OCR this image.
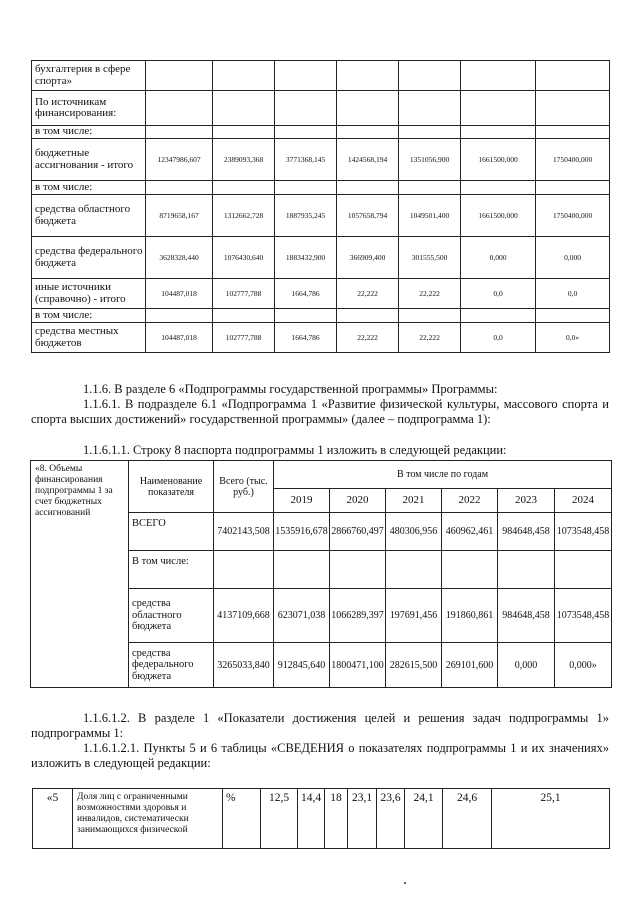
бухгалтерия в сфере спорта»							
По источникам финансирования:							
в том числе:							
бюджетные ассигнования - итого	12347986,607	2389093,368	3771368,145	1424568,194	1351056,900	1661500,000	1750400,000
в том числе:							
средства областного бюджета	8719658,167	1312662,728	1887935,245	1057658,794	1049501,400	1661500,000	1750400,000
средства федерального бюджета	3628328,440	1076430,640	1883432,900	366909,400	301555,500	0,000	0,000
иные источники (справочно) - итого	104487,018	102777,788	1664,786	22,222	22,222	0,0	0,0
в том числе:							
средства местных бюджетов	104487,018	102777,788	1664,786	22,222	22,222	0,0	0,0»
1.1.6. В разделе 6 «Подпрограммы государственной программы» Программы:
1.1.6.1. В подразделе 6.1 «Подпрограмма 1 «Развитие физической культуры, массового спорта и спорта высших достижений» государственной программы» (далее – подпрограмма 1):
1.1.6.1.1. Строку 8 паспорта подпрограммы 1 изложить в следующей редакции:
«8. Объемы финансирования подпрограммы 1 за счет бюджетных ассигнований	Наименование показателя	Всего (тыс. руб.)	В том числе по годам					
			2019	2020	2021	2022	2023	2024
	ВСЕГО	7402143,508	1535916,678	2866760,497	480306,956	460962,461	984648,458	1073548,458
	В том числе:							
	средства областного бюджета	4137109,668	623071,038	1066289,397	197691,456	191860,861	984648,458	1073548,458
	средства федерального бюджета	3265033,840	912845,640	1800471,100	282615,500	269101,600	0,000	0,000»
1.1.6.1.2. В разделе 1 «Показатели достижения целей и решения задач подпрограммы 1» подпрограммы 1:
1.1.6.1.2.1. Пункты 5 и 6 таблицы «СВЕДЕНИЯ о показателях подпрограммы 1 и их значениях» изложить в следующей редакции:
«5	Доля лиц с ограниченными возможностями здоровья и инвалидов, систематически занимающихся физической	%	12,5	14,4	18	23,1	23,6	24,1	24,6	25,1
